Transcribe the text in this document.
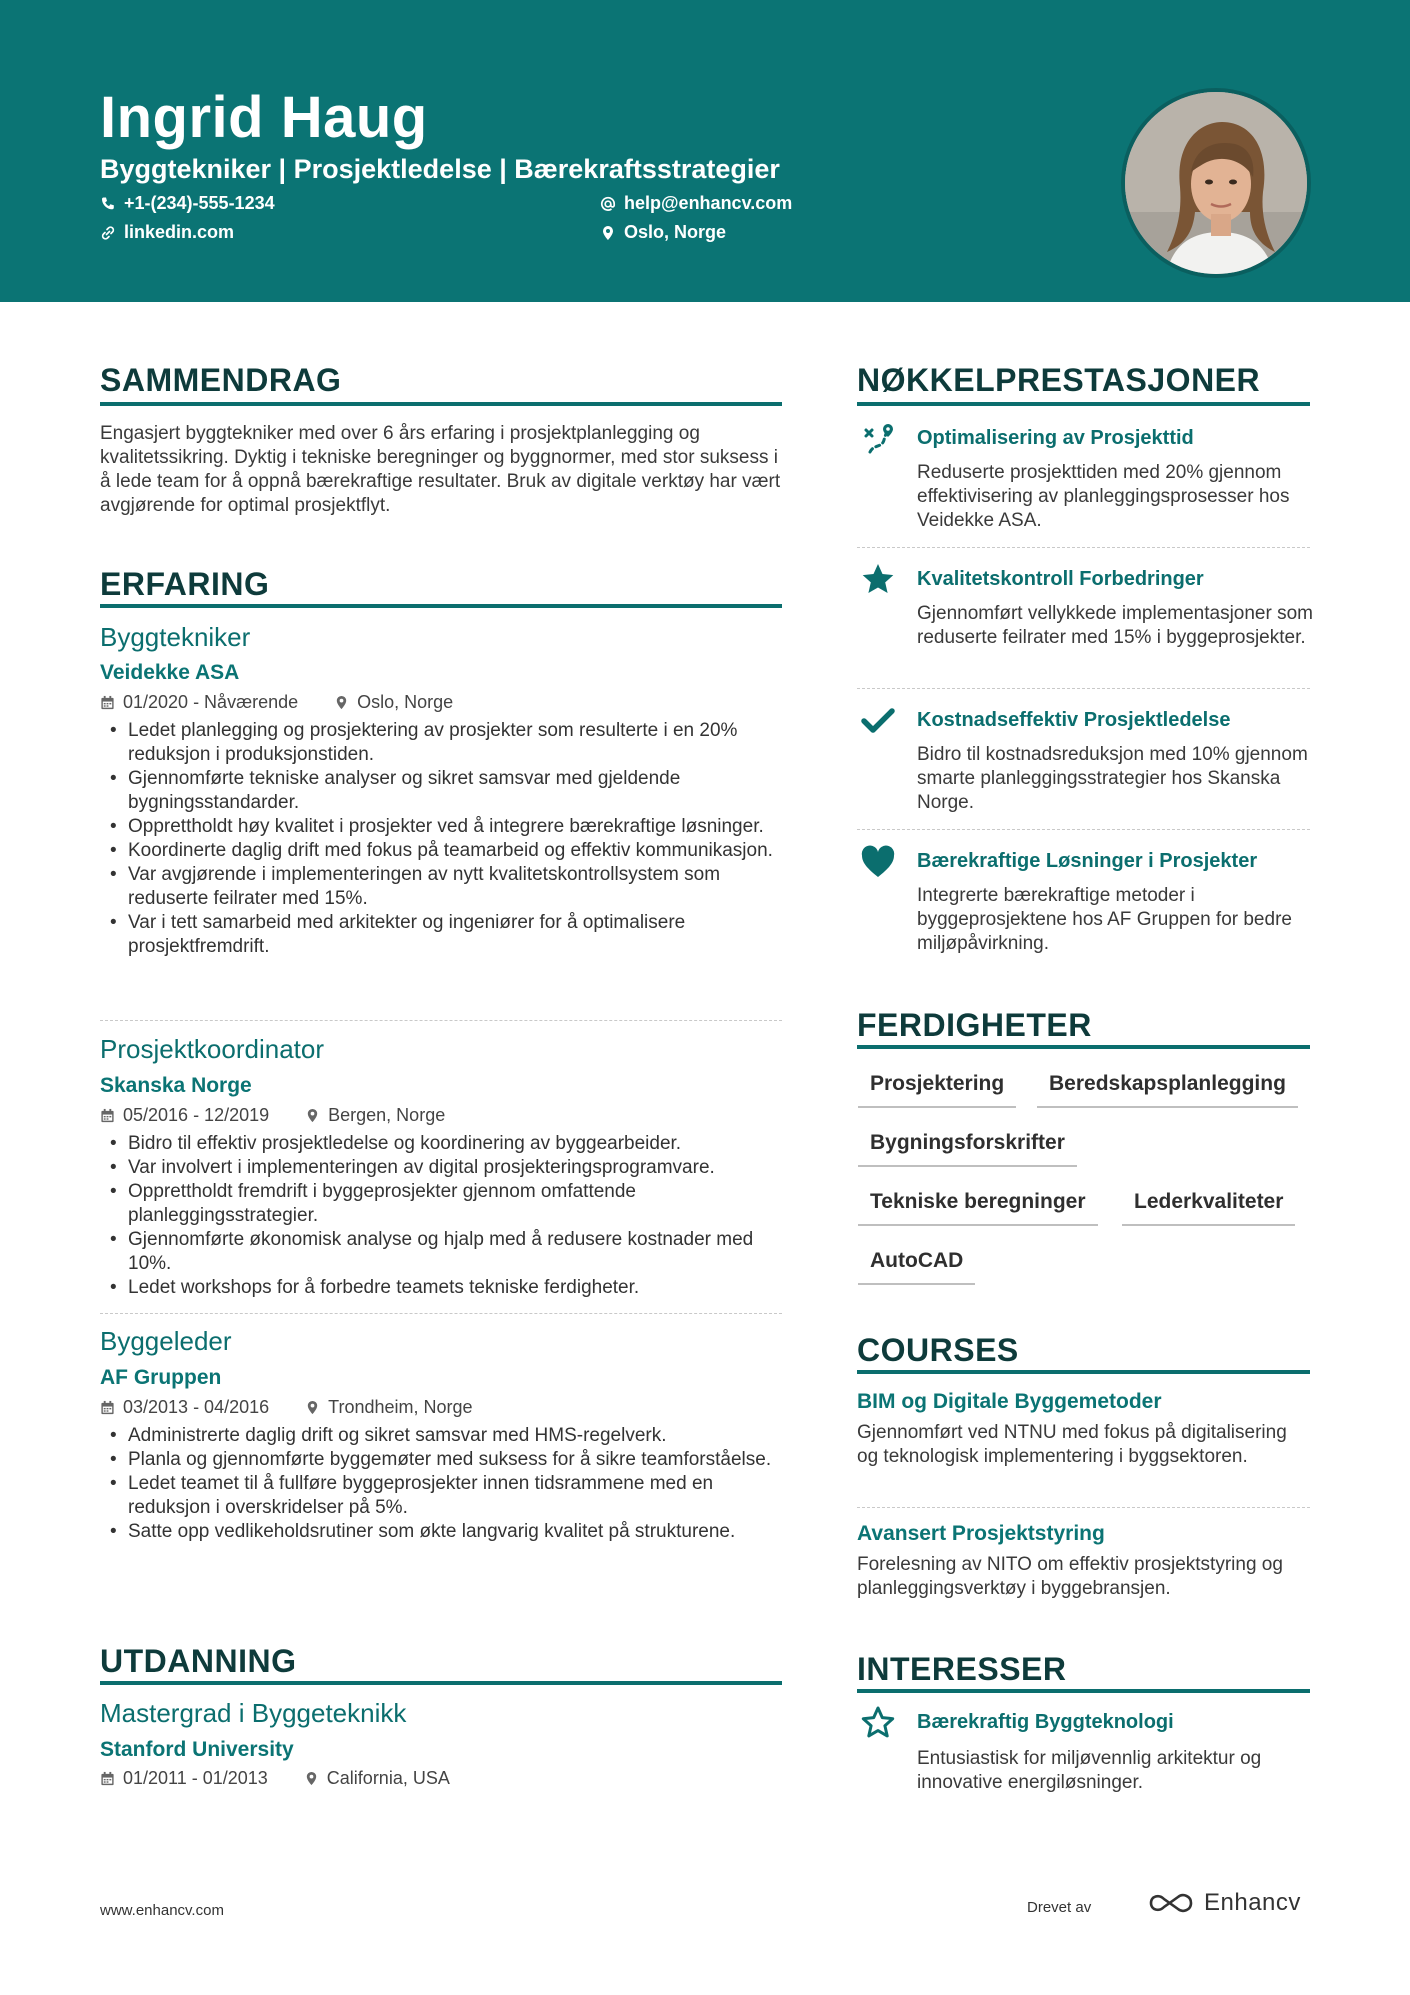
Ingrid Haug
Byggtekniker | Prosjektledelse | Bærekraftsstrategier
+1-(234)-555-1234	help@enhancv.com
linkedin.com	Oslo, Norge
SAMMENDRAG
Engasjert byggtekniker med over 6 års erfaring i prosjektplanlegging og kvalitetssikring. Dyktig i tekniske beregninger og byggnormer, med stor suksess i å lede team for å oppnå bærekraftige resultater. Bruk av digitale verktøy har vært avgjørende for optimal prosjektflyt.
ERFARING
Byggtekniker
Veidekke ASA
01/2020 - Nåværende	Oslo, Norge
• Ledet planlegging og prosjektering av prosjekter som resulterte i en 20% reduksjon i produksjonstiden.
• Gjennomførte tekniske analyser og sikret samsvar med gjeldende bygningsstandarder.
• Opprettholdt høy kvalitet i prosjekter ved å integrere bærekraftige løsninger.
• Koordinerte daglig drift med fokus på teamarbeid og effektiv kommunikasjon.
• Var avgjørende i implementeringen av nytt kvalitetskontrollsystem som reduserte feilrater med 15%.
• Var i tett samarbeid med arkitekter og ingeniører for å optimalisere prosjektfremdrift.
Prosjektkoordinator
Skanska Norge
05/2016 - 12/2019	Bergen, Norge
• Bidro til effektiv prosjektledelse og koordinering av byggearbeider.
• Var involvert i implementeringen av digital prosjekteringsprogramvare.
• Opprettholdt fremdrift i byggeprosjekter gjennom omfattende planleggingsstrategier.
• Gjennomførte økonomisk analyse og hjalp med å redusere kostnader med 10%.
• Ledet workshops for å forbedre teamets tekniske ferdigheter.
Byggeleder
AF Gruppen
03/2013 - 04/2016	Trondheim, Norge
• Administrerte daglig drift og sikret samsvar med HMS-regelverk.
• Planla og gjennomførte byggemøter med suksess for å sikre teamforståelse.
• Ledet teamet til å fullføre byggeprosjekter innen tidsrammene med en reduksjon i overskridelser på 5%.
• Satte opp vedlikeholdsrutiner som økte langvarig kvalitet på strukturene.
UTDANNING
Mastergrad i Byggeteknikk
Stanford University
01/2011 - 01/2013	California, USA
NØKKELPRESTASJONER
Optimalisering av Prosjekttid
Reduserte prosjekttiden med 20% gjennom effektivisering av planleggingsprosesser hos Veidekke ASA.
Kvalitetskontroll Forbedringer
Gjennomført vellykkede implementasjoner som reduserte feilrater med 15% i byggeprosjekter.
Kostnadseffektiv Prosjektledelse
Bidro til kostnadsreduksjon med 10% gjennom smarte planleggingsstrategier hos Skanska Norge.
Bærekraftige Løsninger i Prosjekter
Integrerte bærekraftige metoder i byggeprosjektene hos AF Gruppen for bedre miljøpåvirkning.
FERDIGHETER
Prosjektering	Beredskapsplanlegging
Bygningsforskrifter
Tekniske beregninger	Lederkvaliteter
AutoCAD
COURSES
BIM og Digitale Byggemetoder
Gjennomført ved NTNU med fokus på digitalisering og teknologisk implementering i byggsektoren.
Avansert Prosjektstyring
Forelesning av NITO om effektiv prosjektstyring og planleggingsverktøy i byggebransjen.
INTERESSER
Bærekraftig Byggteknologi
Entusiastisk for miljøvennlig arkitektur og innovative energiløsninger.
www.enhancv.com	Drevet av	Enhancv
